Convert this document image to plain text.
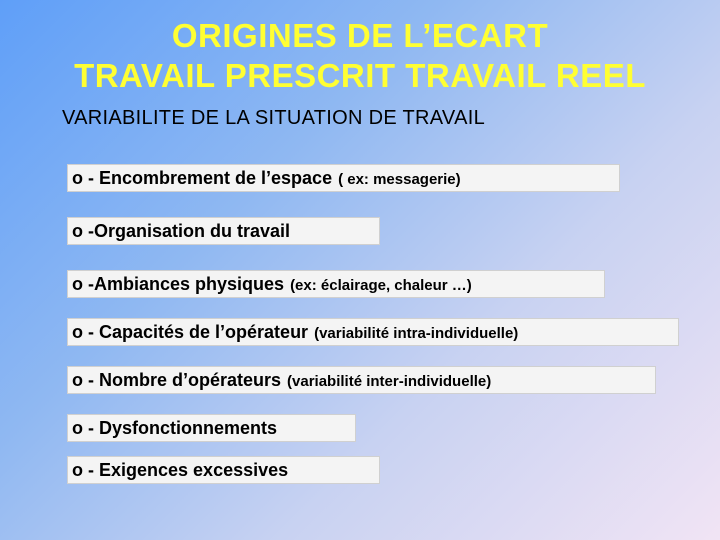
ORIGINES DE L’ECART
TRAVAIL PRESCRIT TRAVAIL REEL
VARIABILITE DE LA SITUATION DE TRAVAIL
o - Encombrement de l’espace ( ex: messagerie)
o -Organisation du travail
o -Ambiances physiques (ex: éclairage, chaleur …)
o - Capacités de l’opérateur (variabilité intra-individuelle)
o - Nombre d’opérateurs (variabilité inter-individuelle)
o - Dysfonctionnements
o - Exigences excessives
